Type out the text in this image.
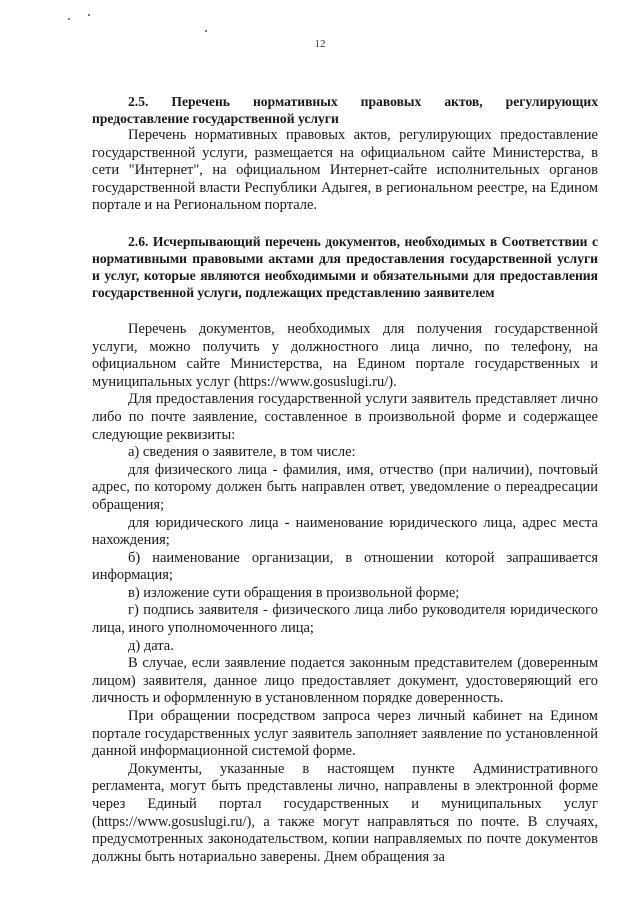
12

2.5. Перечень нормативных правовых актов, регулирующих предоставление государственной услуги

Перечень нормативных правовых актов, регулирующих предоставление государственной услуги, размещается на официальном сайте Министерства, в сети "Интернет", на официальном Интернет-сайте исполнительных органов государственной власти Республики Адыгея, в региональном реестре, на Едином портале и на Региональном портале.

2.6. Исчерпывающий перечень документов, необходимых в Соответствии с нормативными правовыми актами для предоставления государственной услуги и услуг, которые являются необходимыми и обязательными для предоставления государственной услуги, подлежащих представлению заявителем

Перечень документов, необходимых для получения государственной услуги, можно получить у должностного лица лично, по телефону, на официальном сайте Министерства, на Едином портале государственных и муниципальных услуг (https://www.gosuslugi.ru/).

Для предоставления государственной услуги заявитель представляет лично либо по почте заявление, составленное в произвольной форме и содержащее следующие реквизиты:

а) сведения о заявителе, в том числе:

для физического лица - фамилия, имя, отчество (при наличии), почтовый адрес, по которому должен быть направлен ответ, уведомление о переадресации обращения;

для юридического лица - наименование юридического лица, адрес места нахождения;

б) наименование организации, в отношении которой запрашивается информация;

в) изложение сути обращения в произвольной форме;

г) подпись заявителя - физического лица либо руководителя юридического лица, иного уполномоченного лица;

д) дата.

В случае, если заявление подается законным представителем (доверенным лицом) заявителя, данное лицо предоставляет документ, удостоверяющий его личность и оформленную в установленном порядке доверенность.

При обращении посредством запроса через личный кабинет на Едином портале государственных услуг заявитель заполняет заявление по установленной данной информационной системой форме.

Документы, указанные в настоящем пункте Административного регламента, могут быть представлены лично, направлены в электронной форме через Единый портал государственных и муниципальных услуг (https://www.gosuslugi.ru/), а также могут направляться по почте. В случаях, предусмотренных законодательством, копии направляемых по почте документов должны быть нотариально заверены. Днем обращения за
